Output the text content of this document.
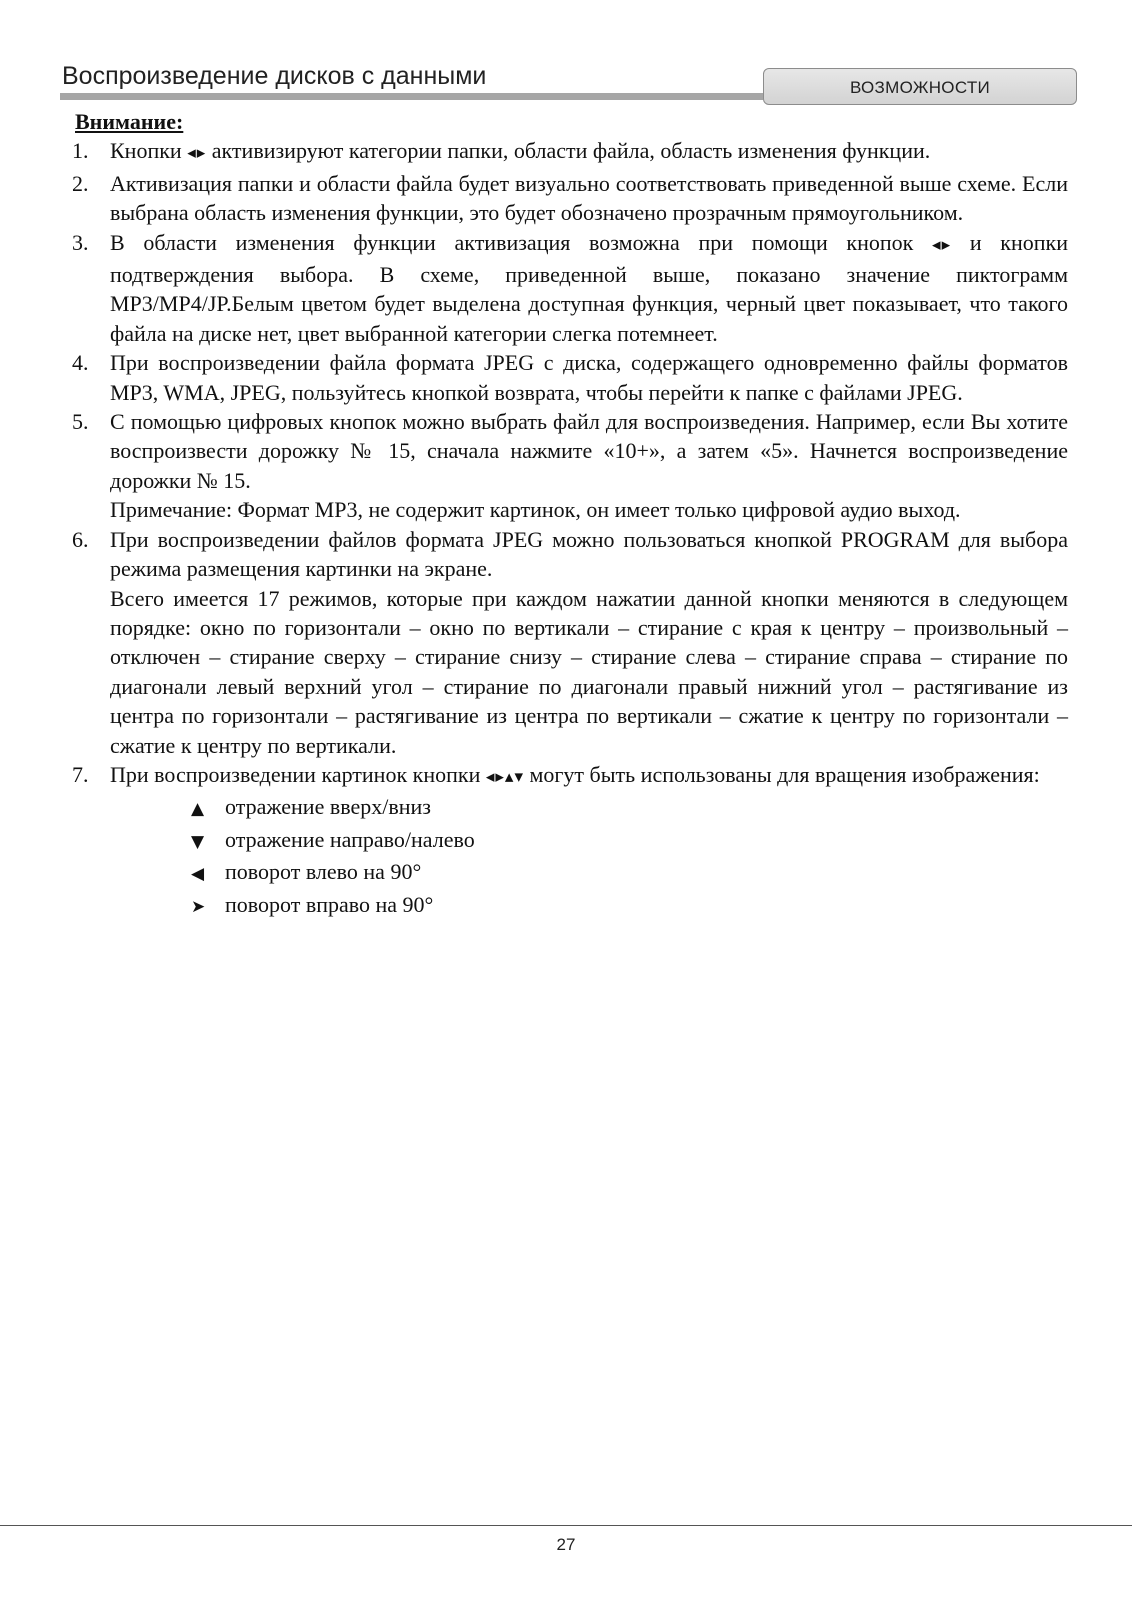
Воспроизведение дисков с данными	ВОЗМОЖНОСТИ
Внимание:
1. Кнопки ◂▸ активизируют категории папки, области файла, область изменения функции.
2. Активизация папки и области файла будет визуально соответствовать приведенной выше схеме. Если выбрана область изменения функции, это будет обозначено прозрачным прямоугольником.
3. В области изменения функции активизация возможна при помощи кнопок ◂▸ и кнопки подтверждения выбора. В схеме, приведенной выше, показано значение пиктограмм MP3/MP4/JP.Белым цветом будет выделена доступная функция, черный цвет показывает, что такого файла на диске нет, цвет выбранной категории слегка потемнеет.
4. При воспроизведении файла формата JPEG с диска, содержащего одновременно файлы форматов MP3, WMA, JPEG, пользуйтесь кнопкой возврата, чтобы перейти к папке с файлами JPEG.
5. С помощью цифровых кнопок можно выбрать файл для воспроизведения. Например, если Вы хотите воспроизвести дорожку № 15, сначала нажмите «10+», а затем «5». Начнется воспроизведение дорожки № 15.
Примечание: Формат MP3, не содержит картинок, он имеет только цифровой аудио выход.
6. При воспроизведении файлов формата JPEG можно пользоваться кнопкой PROGRAM для выбора режима размещения картинки на экране.
Всего имеется 17 режимов, которые при каждом нажатии данной кнопки меняются в следующем порядке: окно по горизонтали – окно по вертикали – стирание с края к центру – произвольный – отключен – стирание сверху – стирание снизу – стирание слева – стирание справа – стирание по диагонали левый верхний угол – стирание по диагонали правый нижний угол – растягивание из центра по горизонтали – растягивание из центра по вертикали – сжатие к центру по горизонтали – сжатие к центру по вертикали.
7. При воспроизведении картинок кнопки ◂▸▴▾ могут быть использованы для вращения изображения:
▲ отражение вверх/вниз
▼ отражение направо/налево
◀ поворот влево на 90°
➤ поворот вправо на 90°
27
